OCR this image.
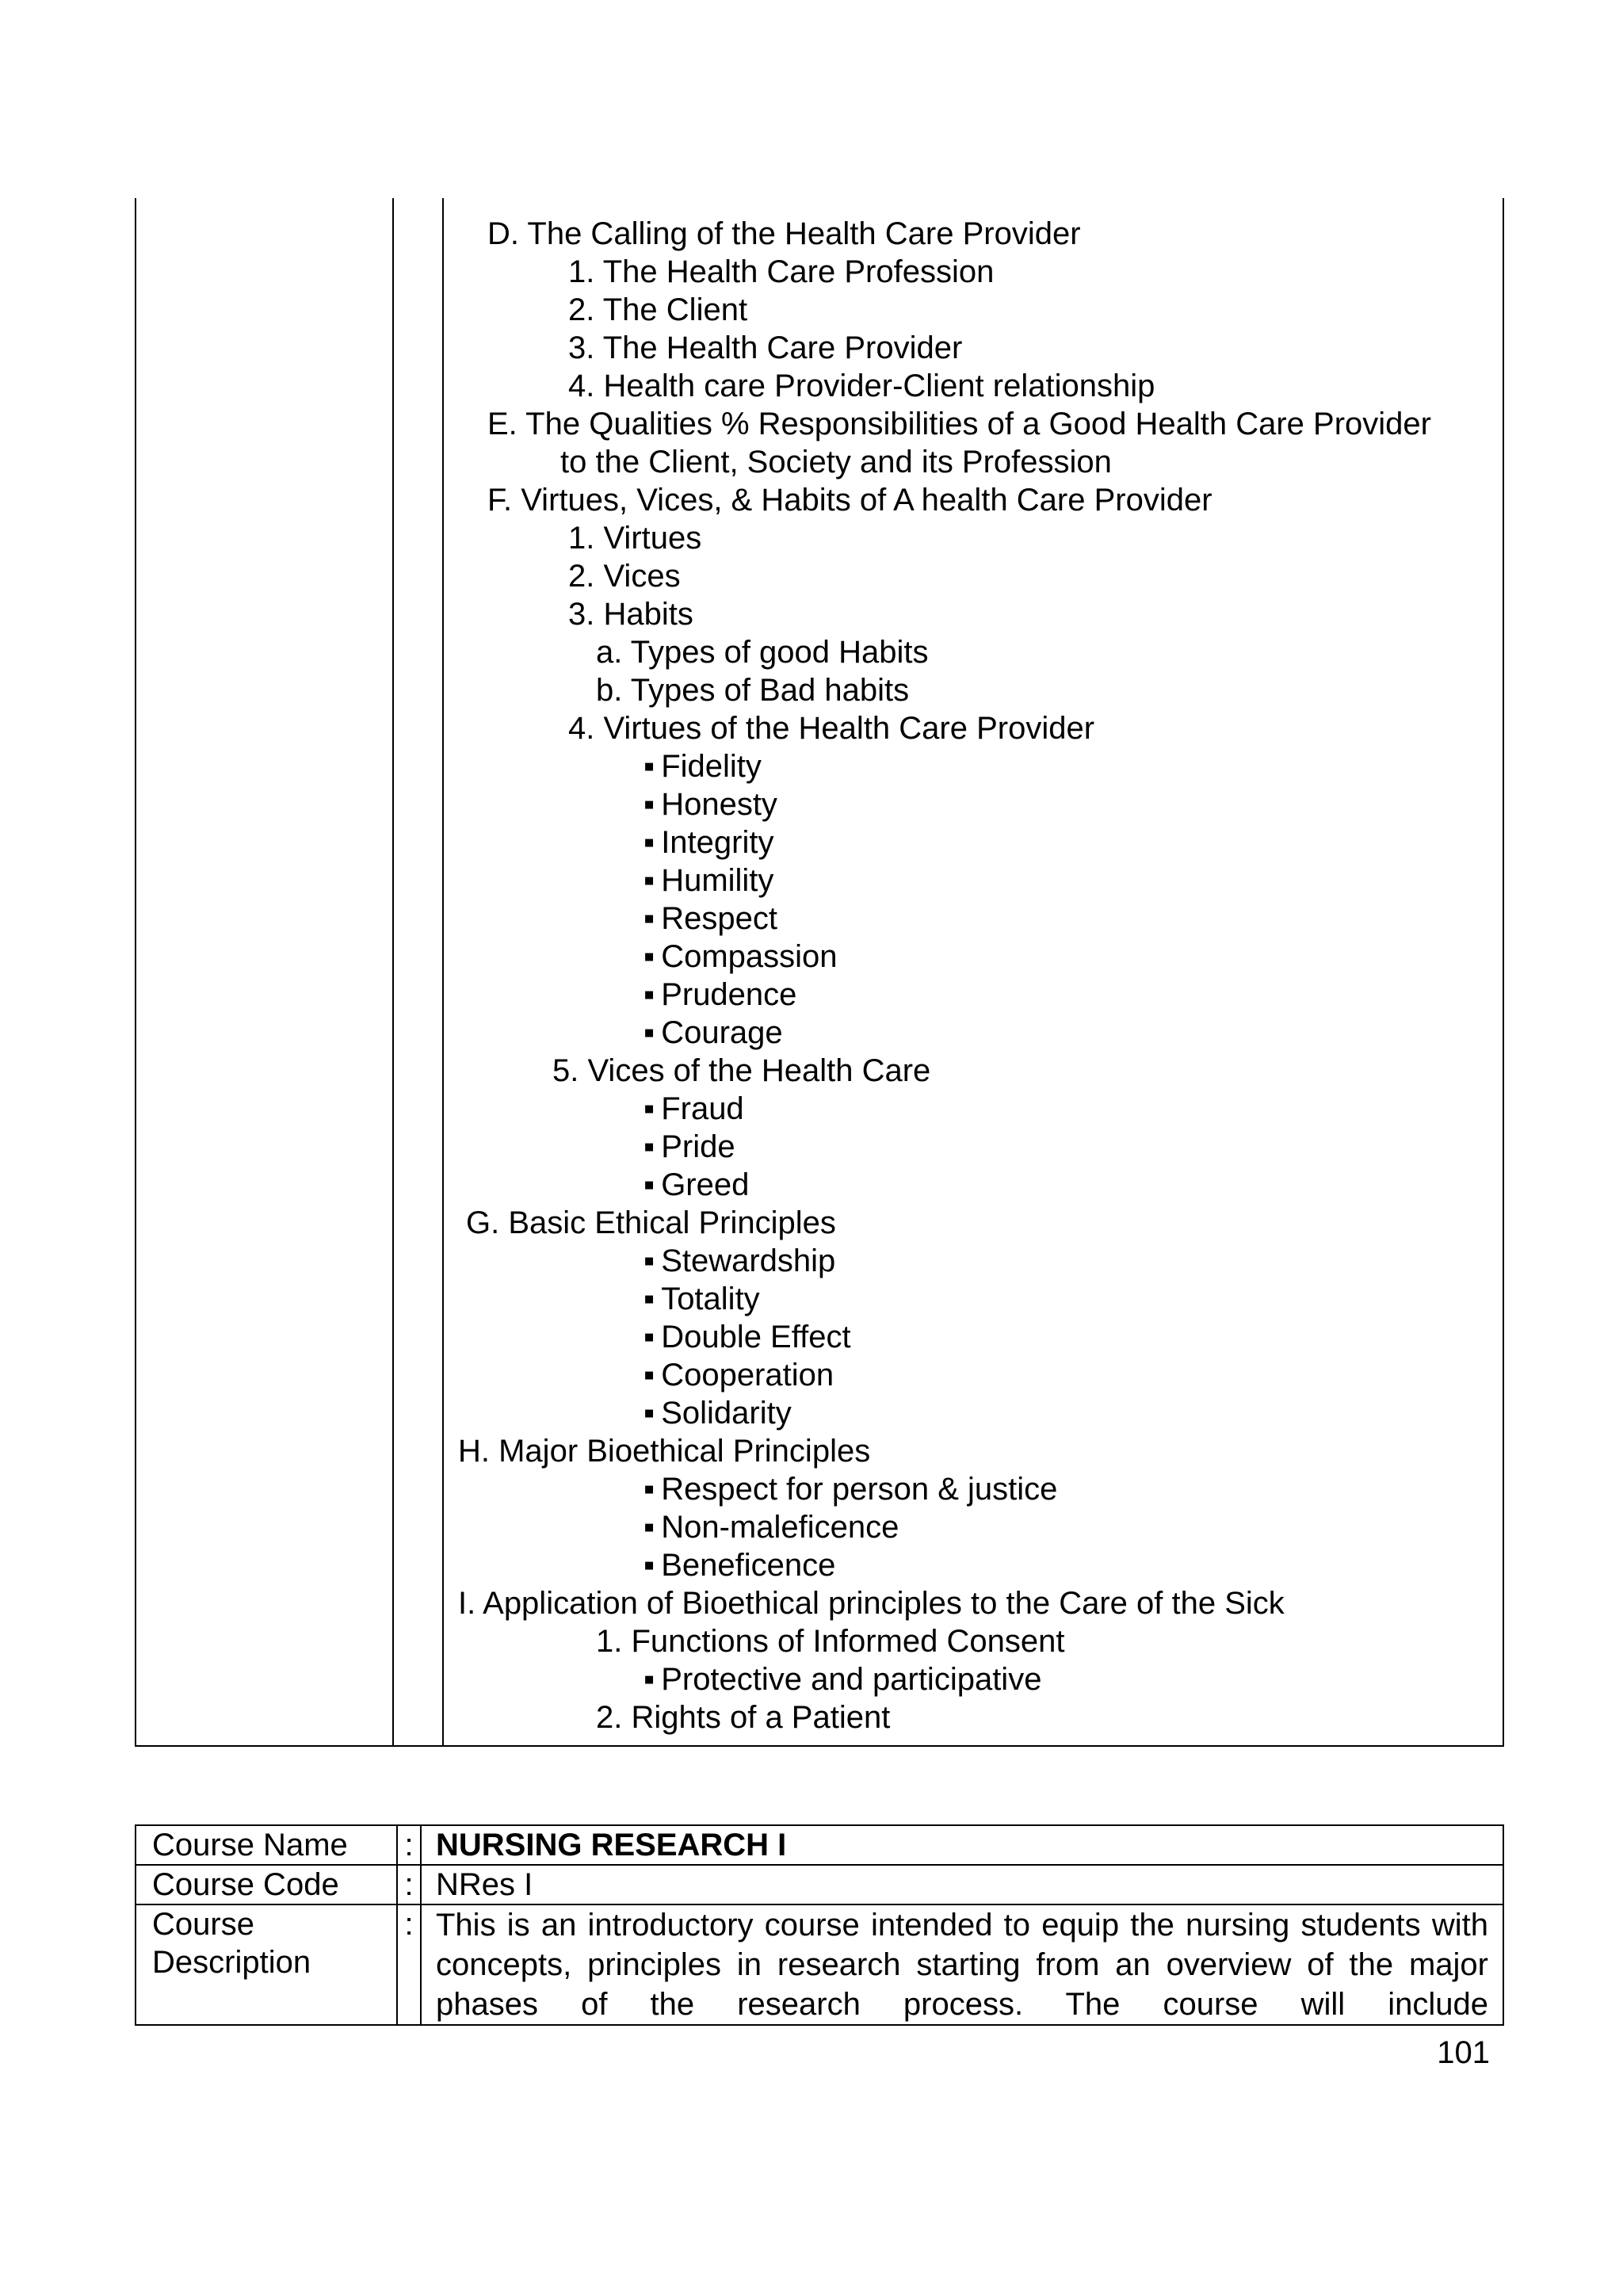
D. The Calling of the Health Care Provider
1. The Health Care Profession
2. The Client
3. The Health Care Provider
4. Health care Provider-Client relationship
E. The Qualities % Responsibilities of a Good Health Care Provider
to the Client, Society and its Profession
F. Virtues, Vices, & Habits of A health Care Provider
1. Virtues
2. Vices
3. Habits
a. Types of good Habits
b. Types of Bad habits
4. Virtues of the Health Care Provider
▪ Fidelity
▪ Honesty
▪ Integrity
▪ Humility
▪ Respect
▪ Compassion
▪ Prudence
▪ Courage
5. Vices of the Health Care
▪ Fraud
▪ Pride
▪ Greed
G. Basic Ethical Principles
▪ Stewardship
▪ Totality
▪ Double Effect
▪ Cooperation
▪ Solidarity
H. Major Bioethical Principles
▪ Respect for person & justice
▪ Non-maleficence
▪ Beneficence
I. Application of Bioethical principles to the Care of the Sick
1. Functions of Informed Consent
▪ Protective and participative
2. Rights of a Patient
Course Name	:	NURSING RESEARCH I
Course Code	:	NRes I
Course Description	:	This is an introductory course intended to equip the nursing students with concepts, principles in research starting from an overview of the major phases of the research process. The course will include
101
